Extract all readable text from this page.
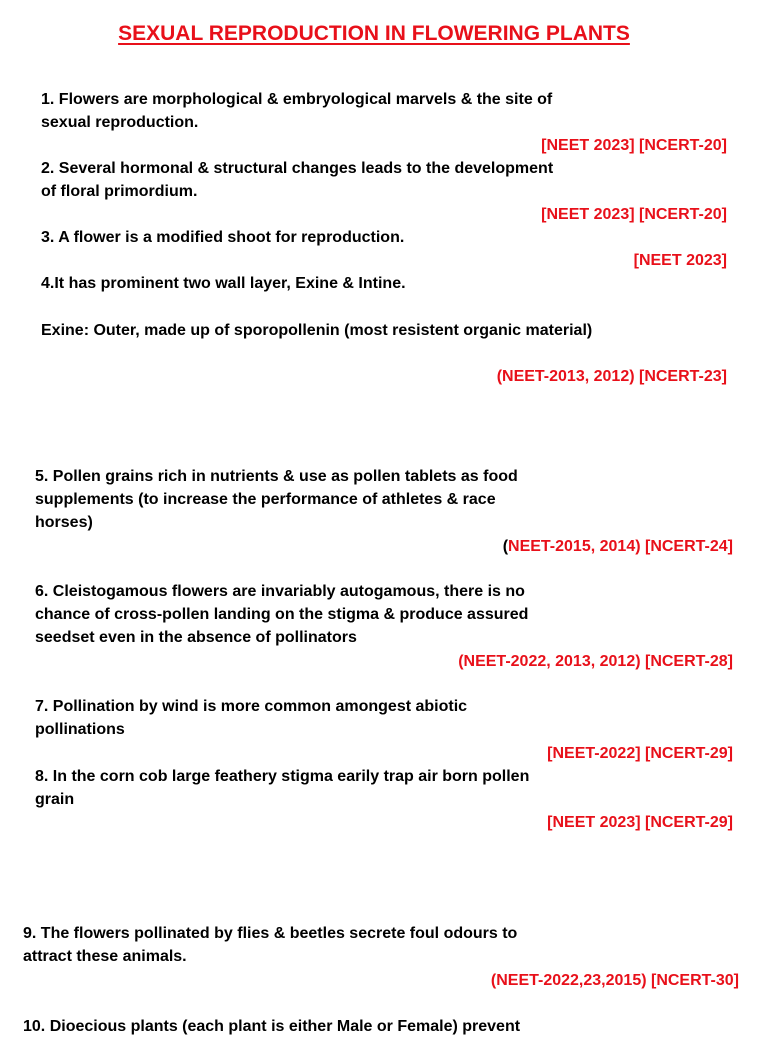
SEXUAL REPRODUCTION IN FLOWERING PLANTS
1. Flowers are morphological & embryological marvels & the site of
sexual reproduction.
[NEET 2023] [NCERT-20]
2. Several hormonal & structural changes leads to the development
of floral primordium.
[NEET 2023] [NCERT-20]
3. A flower is a modified shoot for reproduction.
[NEET 2023]
4.It has prominent two wall layer, Exine & Intine.
Exine: Outer, made up of sporopollenin (most resistent organic material)
(NEET-2013, 2012) [NCERT-23]
5. Pollen grains rich in nutrients & use as pollen tablets as food
supplements (to increase the performance of athletes & race
horses)
(NEET-2015, 2014) [NCERT-24]
6. Cleistogamous flowers are invariably autogamous, there is no
chance of cross-pollen landing on the stigma & produce assured
seedset even in the absence of pollinators
(NEET-2022, 2013, 2012) [NCERT-28]
7. Pollination by wind is more common amongest abiotic
pollinations
[NEET-2022] [NCERT-29]
8. In the corn cob large feathery stigma earily trap air born pollen
grain
[NEET 2023] [NCERT-29]
9. The flowers pollinated by flies & beetles secrete foul odours to
attract these animals.
(NEET-2022,23,2015) [NCERT-30]
10. Dioecious plants (each plant is either Male or Female) prevent
